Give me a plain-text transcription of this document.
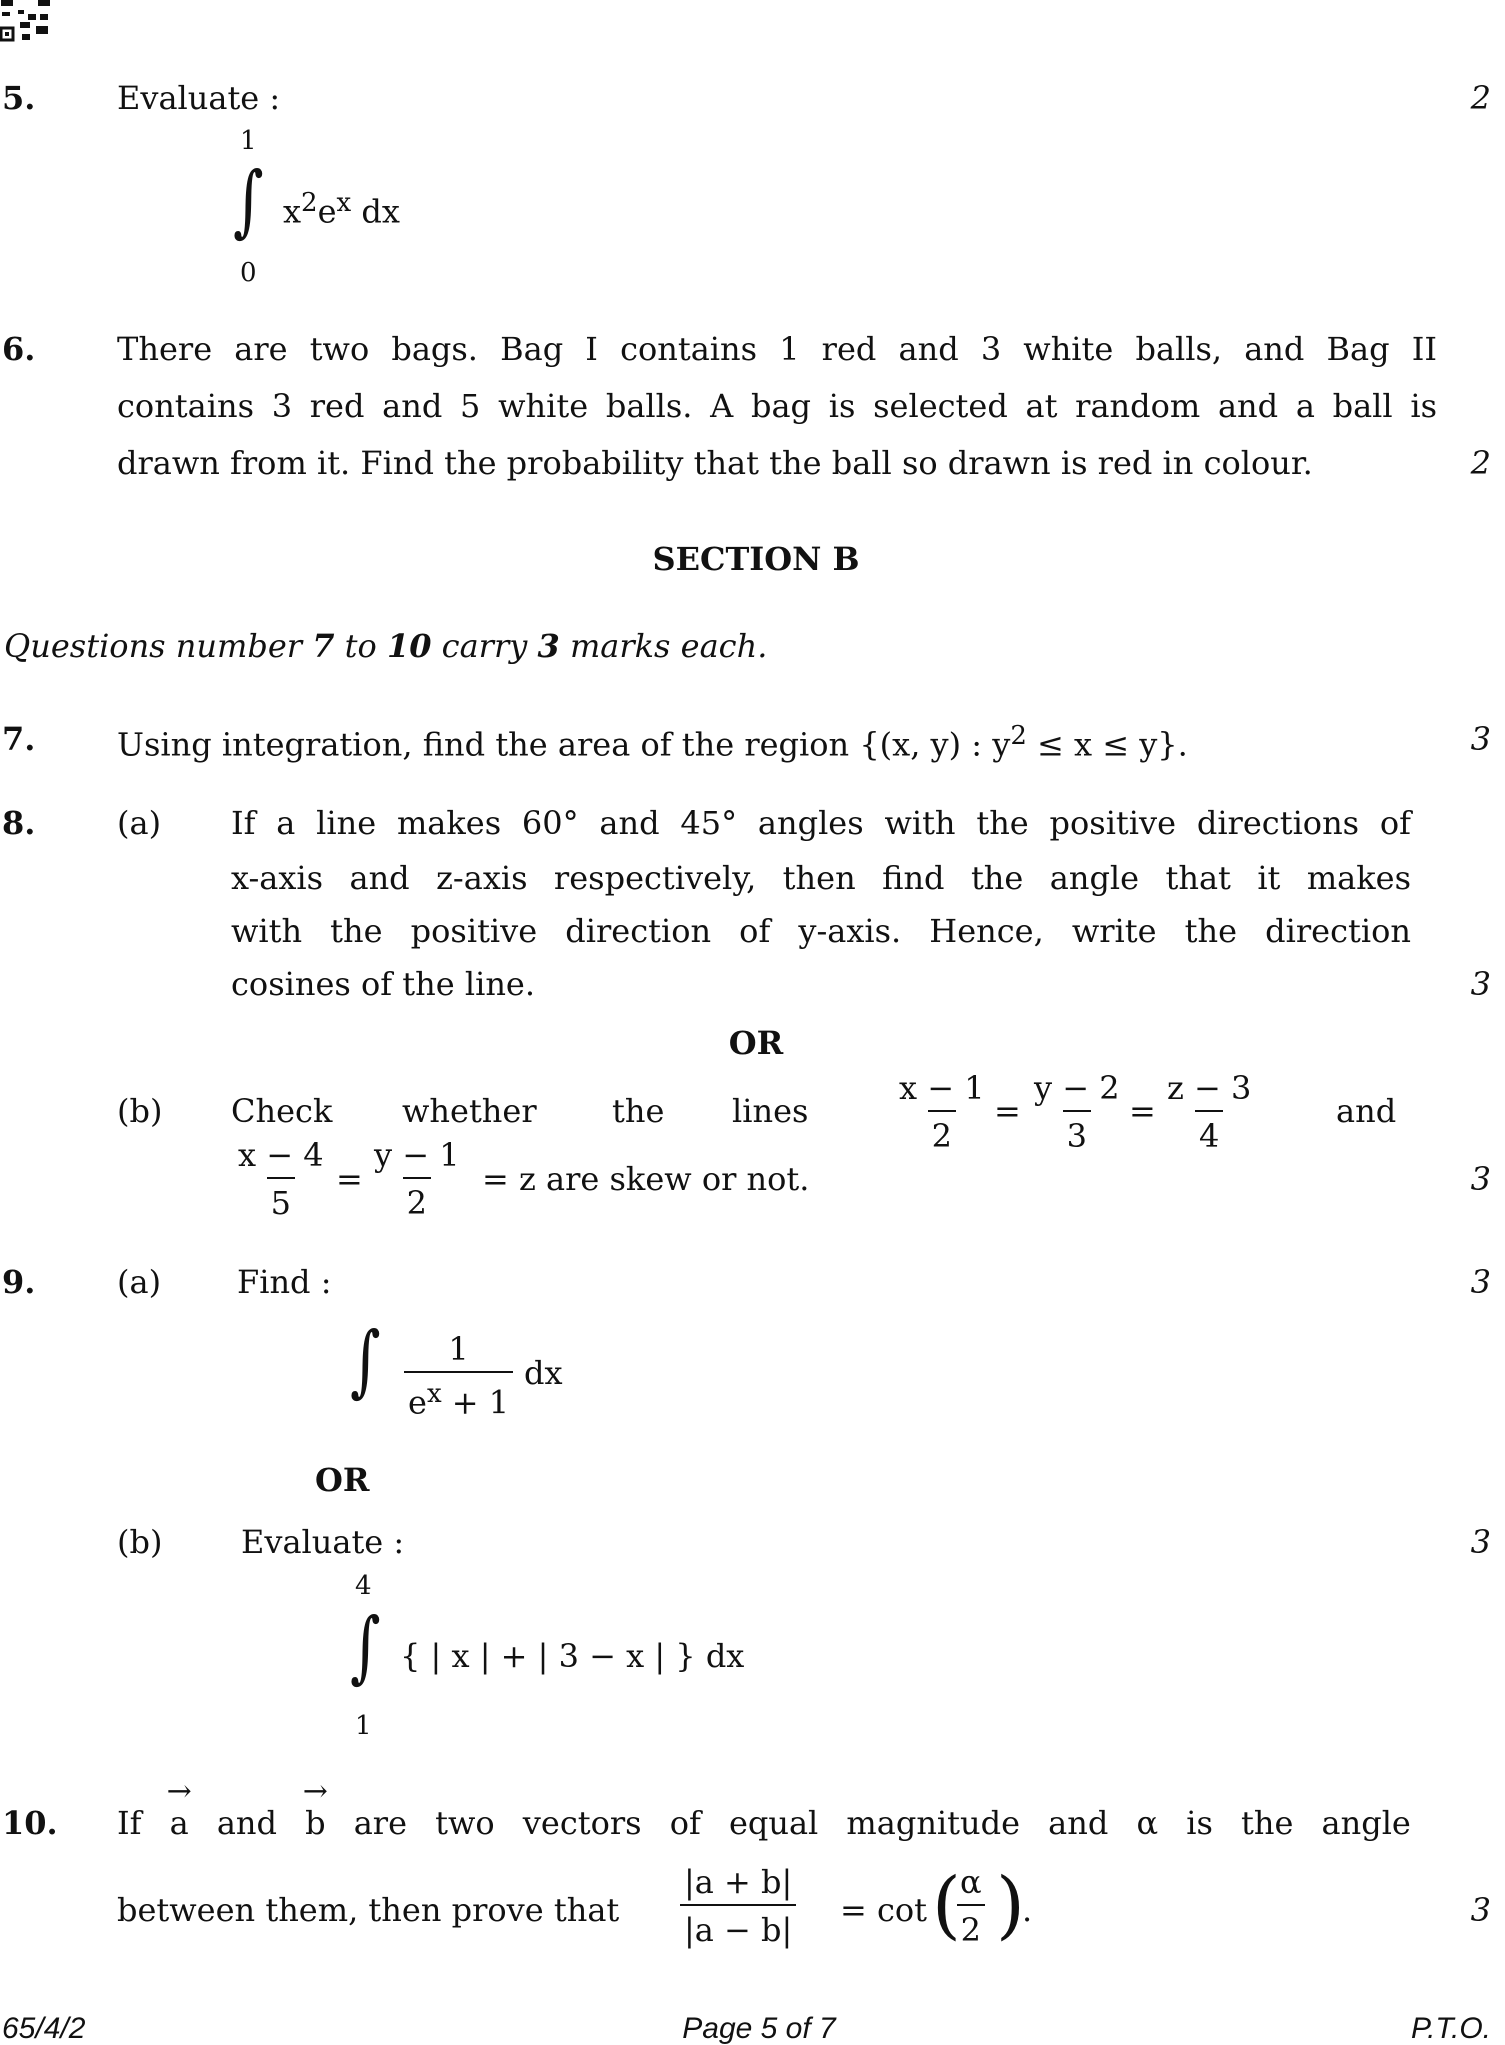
5.	Evaluate :	2
1
∫ $x^2e^x$ dx
0
6.	There are two bags. Bag I contains 1 red and 3 white balls, and Bag II
contains 3 red and 5 white balls. A bag is selected at random and a ball is
drawn from it. Find the probability that the ball so drawn is red in colour.	2
SECTION B
Questions number 7 to 10 carry 3 marks each.
7.	Using integration, find the area of the region {(x, y) : $y^2 \le x \le y$}.	3
8.	(a) If a line makes 60° and 45° angles with the positive directions of
x-axis and z-axis respectively, then find the angle that it makes
with the positive direction of y-axis. Hence, write the direction
cosines of the line.	3
OR
(b) Check whether the lines	$\frac{x - 1}{2} = \frac{y - 2}{3} = \frac{z - 3}{4}$	and
$\frac{x - 4}{5} = \frac{y - 1}{2} = z$ are skew or not.	3
9.	(a) Find :	3
∫ $\frac{1}{e^x + 1}$ dx
OR
(b) Evaluate :	3
4
∫ { | x | + | 3 − x | } dx
1
10. If → a and → b are two vectors of equal magnitude and α is the angle
between them, then prove that $\frac{|a + b|}{|a - b|} = \cot$ (
$\frac{\alpha}{2}$ )
.	3
65/4/2	Page 5 of 7	P.T.O.
